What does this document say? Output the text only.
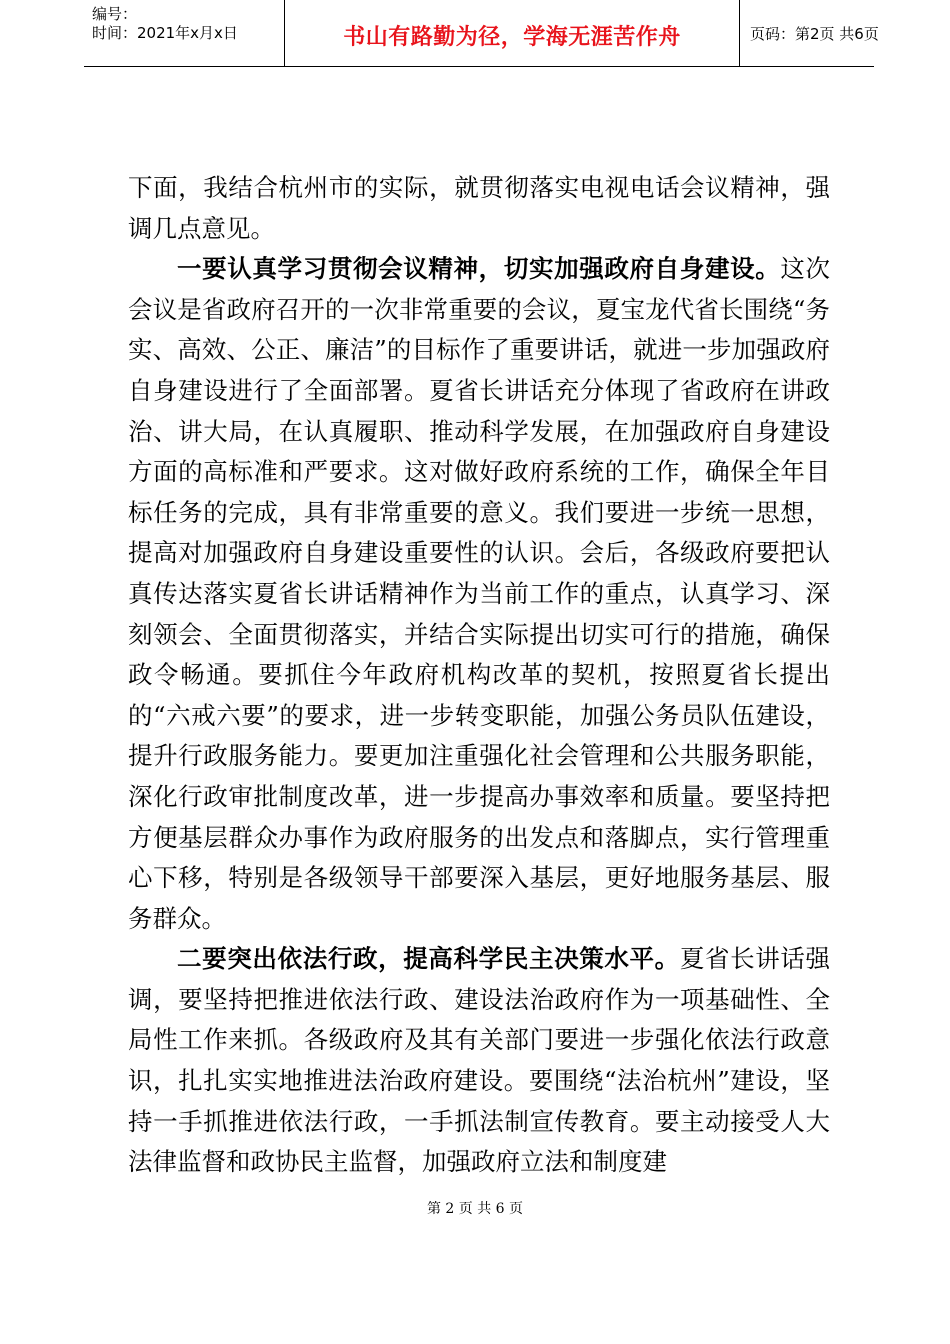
编号：
时间：2021年x月x日	书山有路勤为径，学海无涯苦作舟	页码：第2页 共6页

下面，我结合杭州市的实际，就贯彻落实电视电话会议精神，强调几点意见。

一要认真学习贯彻会议精神，切实加强政府自身建设。这次会议是省政府召开的一次非常重要的会议，夏宝龙代省长围绕“务实、高效、公正、廉洁”的目标作了重要讲话，就进一步加强政府自身建设进行了全面部署。夏省长讲话充分体现了省政府在讲政治、讲大局，在认真履职、推动科学发展，在加强政府自身建设方面的高标准和严要求。这对做好政府系统的工作，确保全年目标任务的完成，具有非常重要的意义。我们要进一步统一思想，提高对加强政府自身建设重要性的认识。会后，各级政府要把认真传达落实夏省长讲话精神作为当前工作的重点，认真学习、深刻领会、全面贯彻落实，并结合实际提出切实可行的措施，确保政令畅通。要抓住今年政府机构改革的契机，按照夏省长提出的“六戒六要”的要求，进一步转变职能，加强公务员队伍建设，提升行政服务能力。要更加注重强化社会管理和公共服务职能，深化行政审批制度改革，进一步提高办事效率和质量。要坚持把方便基层群众办事作为政府服务的出发点和落脚点，实行管理重心下移，特别是各级领导干部要深入基层，更好地服务基层、服务群众。

二要突出依法行政，提高科学民主决策水平。夏省长讲话强调，要坚持把推进依法行政、建设法治政府作为一项基础性、全局性工作来抓。各级政府及其有关部门要进一步强化依法行政意识，扎扎实实地推进法治政府建设。要围绕“法治杭州”建设，坚持一手抓推进依法行政，一手抓法制宣传教育。要主动接受人大法律监督和政协民主监督，加强政府立法和制度建

第 2 页 共 6 页
